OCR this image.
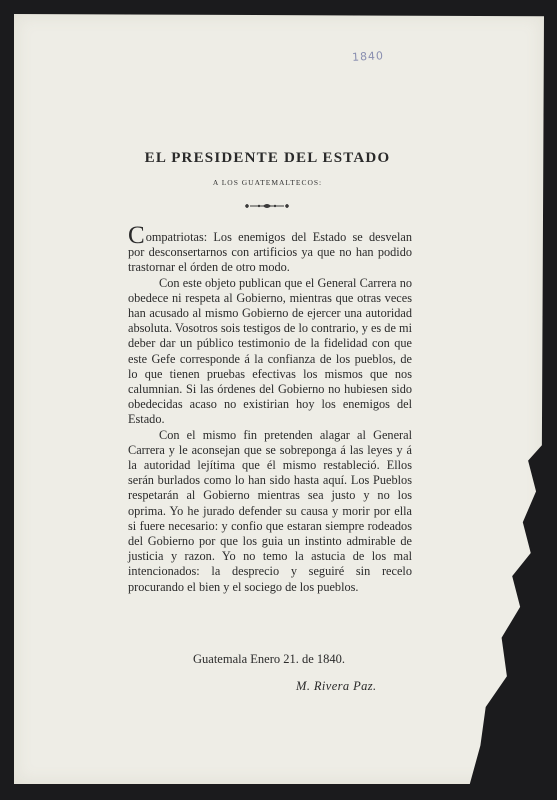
1840
EL PRESIDENTE DEL ESTADO
A LOS GUATEMALTECOS:

Compatriotas: Los enemigos del Estado se desvelan por desconsertarnos con artificios ya que no han podido trastornar el órden de otro modo.

Con este objeto publican que el General Carrera no obedece ni respeta al Gobierno, mientras que otras veces han acusado al mismo Gobierno de ejercer una autoridad absoluta. Vosotros sois testigos de lo contrario, y es de mi deber dar un público testimonio de la fidelidad con que este Gefe corresponde á la confianza de los pueblos, de lo que tienen pruebas efectivas los mismos que nos calumnian. Si las órdenes del Gobierno no hubiesen sido obedecidas acaso no existirian hoy los enemigos del Estado.

Con el mismo fin pretenden alagar al General Carrera y le aconsejan que se sobreponga á las leyes y á la autoridad lejítima que él mismo restableció. Ellos serán burlados como lo han sido hasta aquí. Los Pueblos respetarán al Gobierno mientras sea justo y no los oprima. Yo he jurado defender su causa y morir por ella si fuere necesario: y confio que estaran siempre rodeados del Gobierno por que los guia un instinto admirable de justicia y razon. Yo no temo la astucia de los mal intencionados: la desprecio y seguiré sin recelo procurando el bien y el sociego de los pueblos.

Guatemala Enero 21. de 1840.
M. Rivera Paz.
